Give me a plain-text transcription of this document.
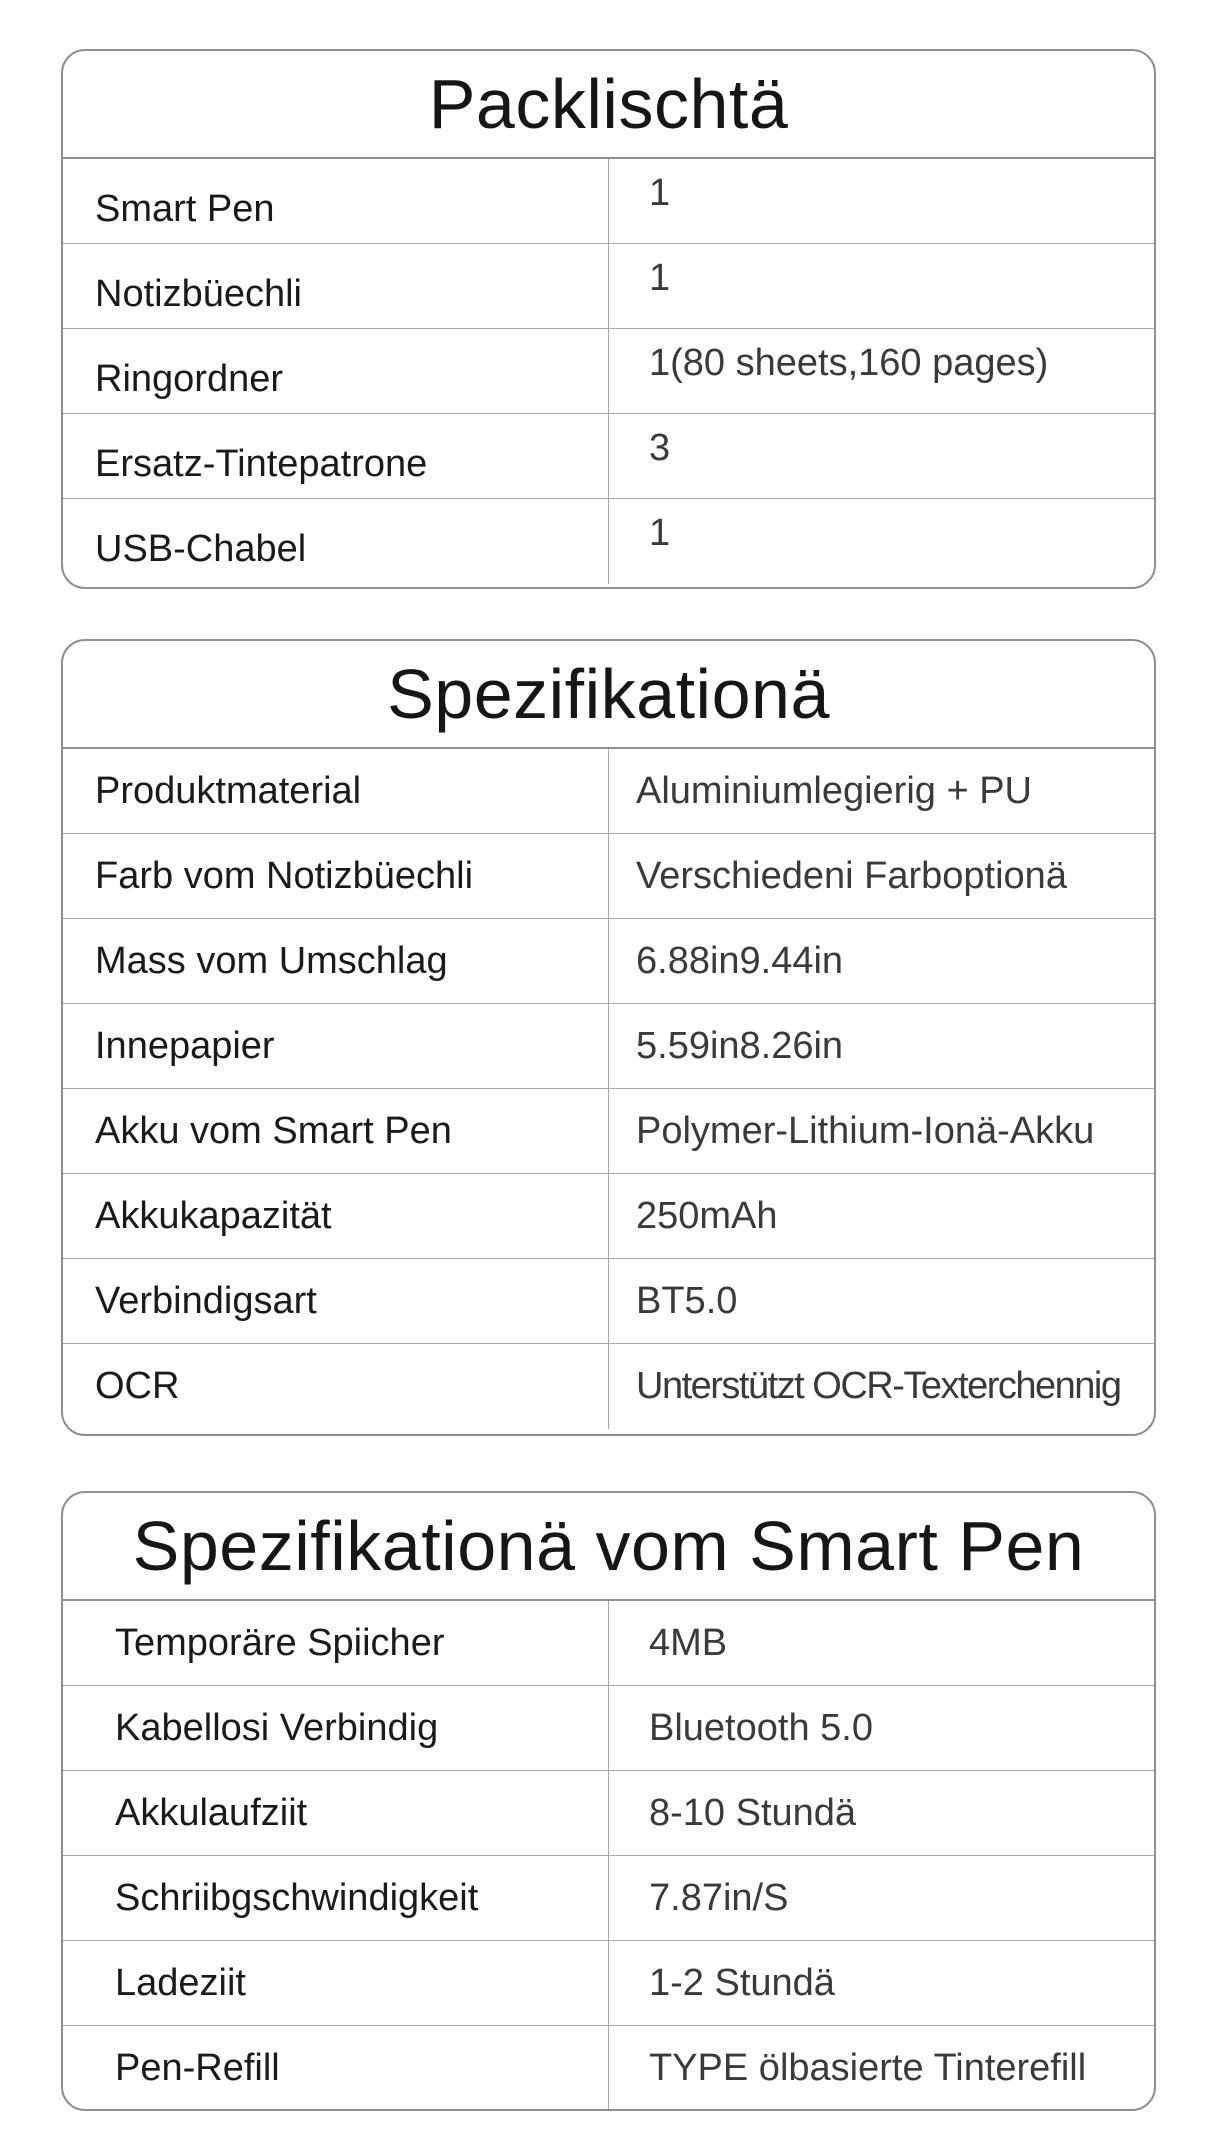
Packlischtä
Smart Pen	1
Notizbüechli	1
Ringordner	1(80 sheets,160 pages)
Ersatz-Tintepatrone	3
USB-Chabel	1
Spezifikationä
Produktmaterial	Aluminiumlegierig + PU
Farb vom Notizbüechli	Verschiedeni Farboptionä
Mass vom Umschlag	6.88in9.44in
Innepapier	5.59in8.26in
Akku vom Smart Pen	Polymer-Lithium-Ionä-Akku
Akkukapazität	250mAh
Verbindigsart	BT5.0
OCR	Unterstützt OCR-Texterchennig
Spezifikationä vom Smart Pen
Temporäre Spiicher	4MB
Kabellosi Verbindig	Bluetooth 5.0
Akkulaufziit	8-10 Stundä
Schriibgschwindigkeit	7.87in/S
Ladeziit	1-2 Stundä
Pen-Refill	TYPE ölbasierte Tinterefill
